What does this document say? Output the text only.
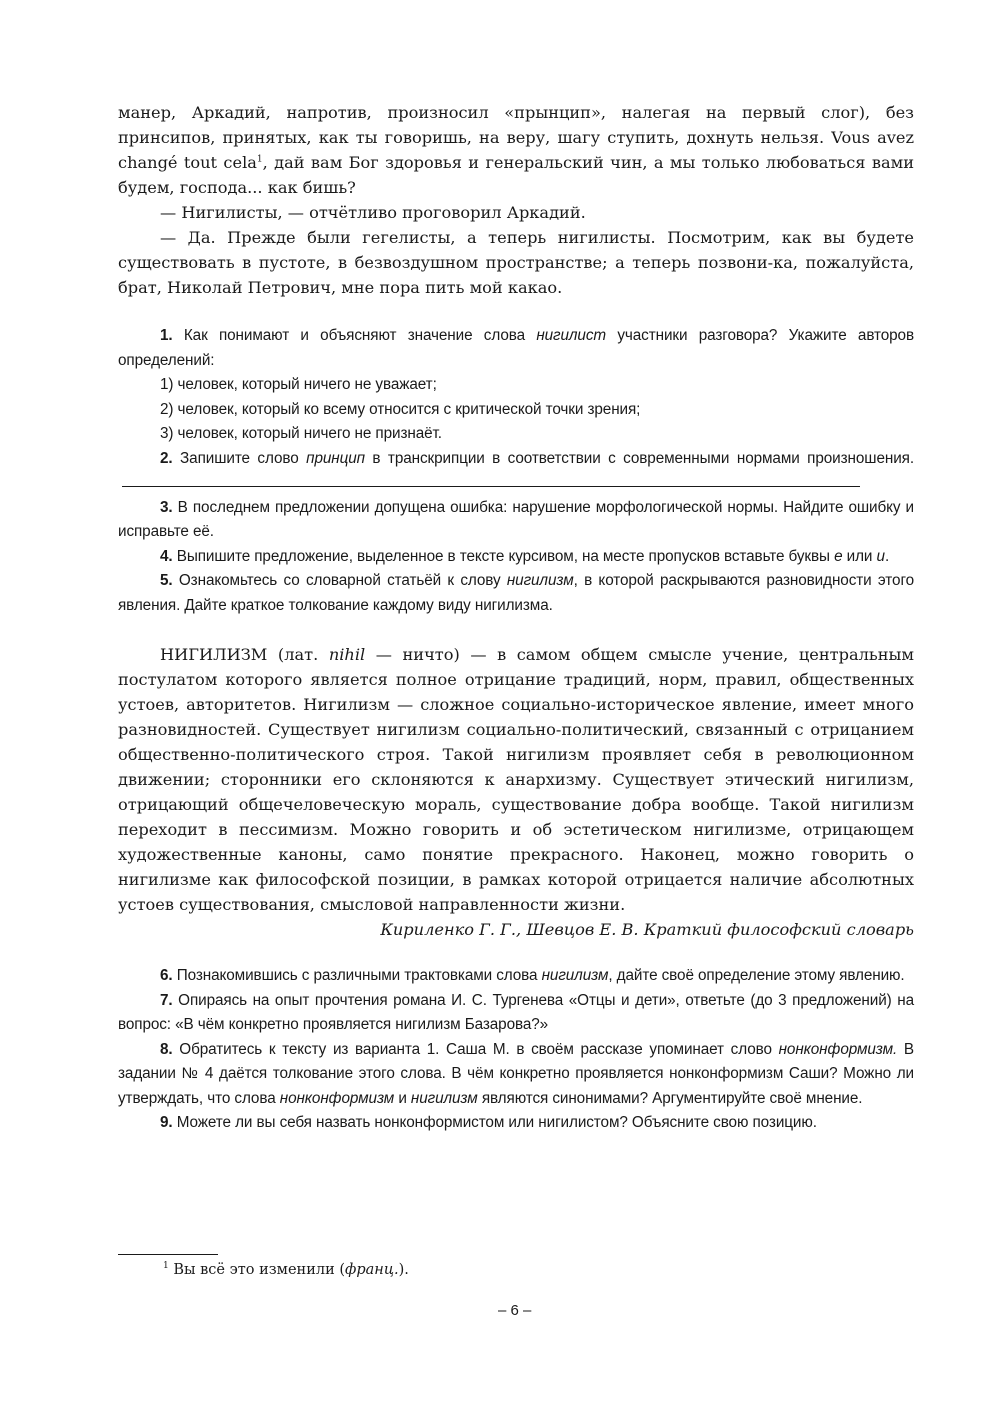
манер, Аркадий, напротив, произносил «прынцип», налегая на первый слог), без принсипов, принятых, как ты говоришь, на веру, шагу ступить, дохнуть нельзя. Vous avez changé tout cela$^1$, дай вам Бог здоровья и генеральский чин, а мы только любоваться вами будем, господа... как бишь?

— Нигилисты, — отчётливо проговорил Аркадий.

— Да. Прежде были гегелисты, а теперь нигилисты. Посмотрим, как вы будете существовать в пустоте, в безвоздушном пространстве; а теперь позвони-ка, пожалуйста, брат, Николай Петрович, мне пора пить мой какао.

1. Как понимают и объясняют значение слова нигилист участники разговора? Укажите авторов определений:

1) человек, который ничего не уважает;

2) человек, который ко всему относится с критической точки зрения;

3) человек, который ничего не признаёт.

2. Запишите слово принцип в транскрипции в соответствии с современными нормами произношения.

3. В последнем предложении допущена ошибка: нарушение морфологической нормы. Найдите ошибку и исправьте её.

4. Выпишите предложение, выделенное в тексте курсивом, на месте пропусков вставьте буквы е или и.

5. Ознакомьтесь со словарной статьёй к слову нигилизм, в которой раскрываются разновидности этого явления. Дайте краткое толкование каждому виду нигилизма.

НИГИЛИЗМ (лат. nihil — ничто) — в самом общем смысле учение, центральным постулатом которого является полное отрицание традиций, норм, правил, общественных устоев, авторитетов. Нигилизм — сложное социально-историческое явление, имеет много разновидностей. Существует нигилизм социально-политический, связанный с отрицанием общественно-политического строя. Такой нигилизм проявляет себя в революционном движении; сторонники его склоняются к анархизму. Существует этический нигилизм, отрицающий общечеловеческую мораль, существование добра вообще. Такой нигилизм переходит в пессимизм. Можно говорить и об эстетическом нигилизме, отрицающем художественные каноны, само понятие прекрасного. Наконец, можно говорить о нигилизме как философской позиции, в рамках которой отрицается наличие абсолютных устоев существования, смысловой направленности жизни.

Кириленко Г. Г., Шевцов Е. В. Краткий философский словарь

6. Познакомившись с различными трактовками слова нигилизм, дайте своё определение этому явлению.

7. Опираясь на опыт прочтения романа И. С. Тургенева «Отцы и дети», ответьте (до 3 предложений) на вопрос: «В чём конкретно проявляется нигилизм Базарова?»

8. Обратитесь к тексту из варианта 1. Саша М. в своём рассказе упоминает слово нонконформизм. В задании № 4 даётся толкование этого слова. В чём конкретно проявляется нонконформизм Саши? Можно ли утверждать, что слова нонконформизм и нигилизм являются синонимами? Аргументируйте своё мнение.

9. Можете ли вы себя назвать нонконформистом или нигилистом? Объясните свою позицию.

$^1$ Вы всё это изменили (франц.).
– 6 –
